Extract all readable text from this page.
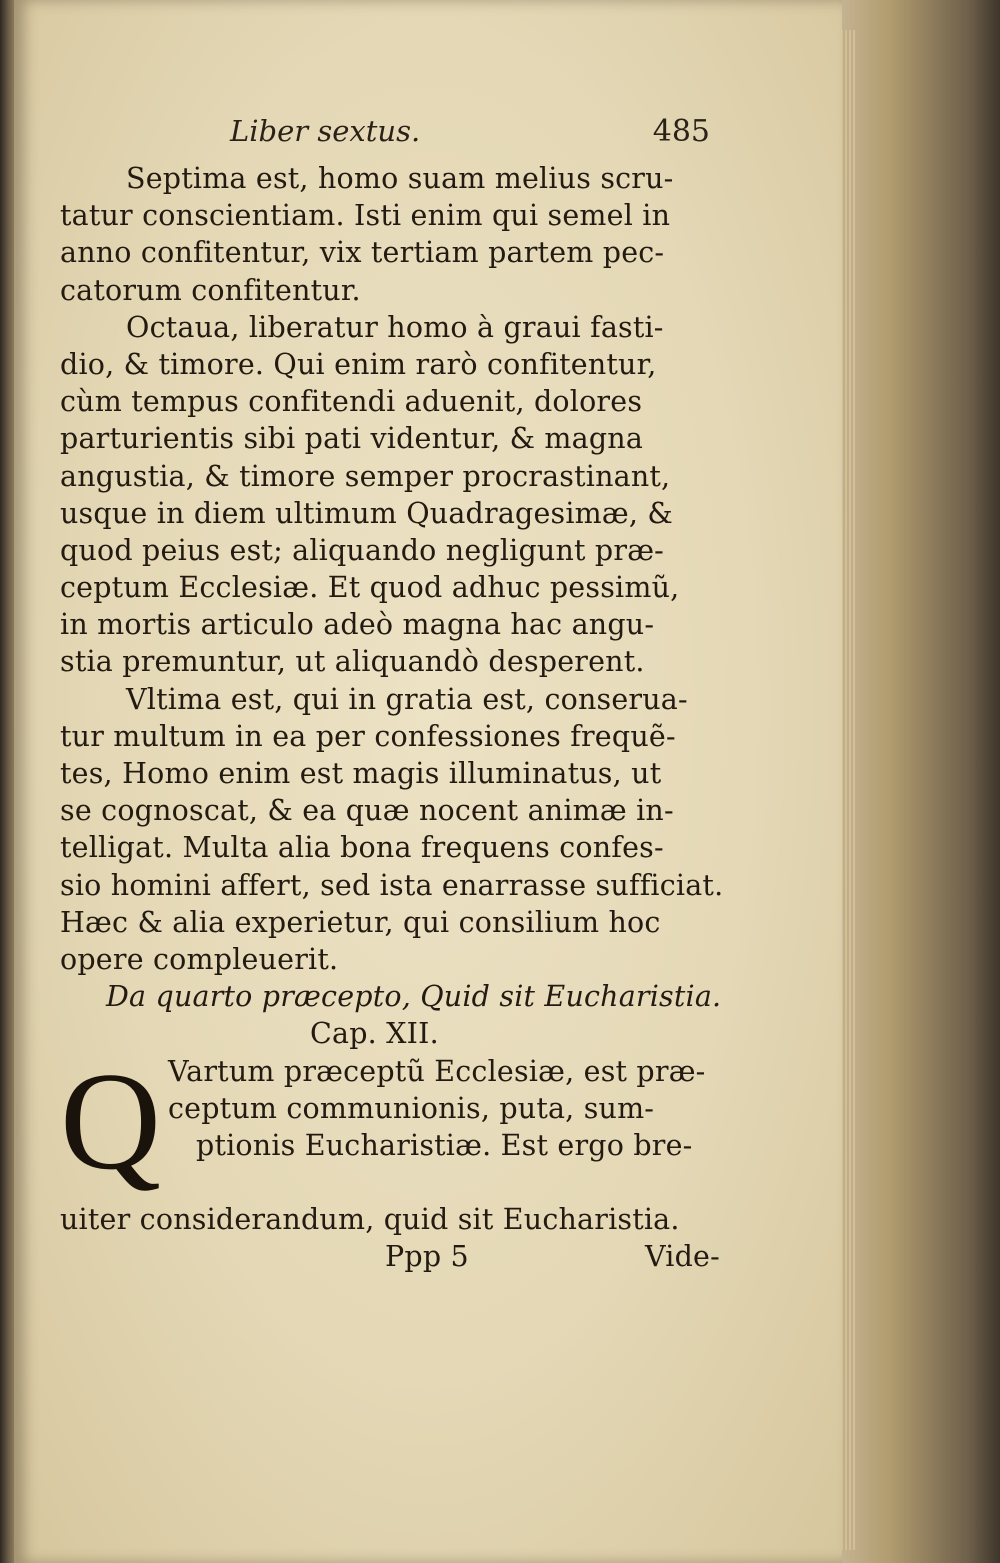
Liber sextus.	485
Septima est, homo suam melius scru-
tatur conscientiam. Isti enim qui semel in
anno confitentur, vix tertiam partem pec-
catorum confitentur.
Octaua, liberatur homo à graui fasti-
dio, & timore. Qui enim rarò confitentur,
cùm tempus confitendi aduenit, dolores
parturientis sibi pati videntur, & magna
angustia, & timore semper procrastinant,
usque in diem ultimum Quadragesimæ, &
quod peius est; aliquando negligunt præ-
ceptum Ecclesiæ. Et quod adhuc pessimũ,
in mortis articulo adeò magna hac angu-
stia premuntur, ut aliquandò desperent.
Vltima est, qui in gratia est, conserua-
tur multum in ea per confessiones frequẽ-
tes, Homo enim est magis illuminatus, ut
se cognoscat, & ea quæ nocent animæ in-
telligat. Multa alia bona frequens confes-
sio homini affert, sed ista enarrasse sufficiat.
Hæc & alia experietur, qui consilium hoc
opere compleuerit.
Da quarto præcepto, Quid sit Eucharistia.
Cap. XII.
Q Vartum præceptũ Ecclesiæ, est præ-
ceptum communionis, puta, sum-
ptionis Eucharistiæ. Est ergo bre-
uiter considerandum, quid sit Eucharistia.
Ppp 5	Vide-
